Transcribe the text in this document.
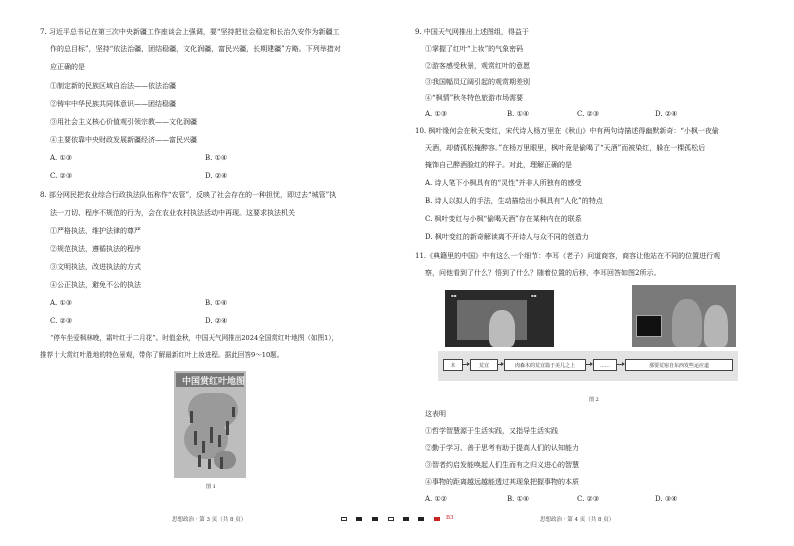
7. 习近平总书记在第三次中央新疆工作座谈会上强调，要“坚持把社会稳定和长治久安作为新疆工
作的总目标”，坚持“依法治疆，团结稳疆，文化润疆，富民兴疆，长期建疆”方略。下列举措对
应正确的是
①制定新的民族区域自治法——依法治疆
②铸牢中华民族共同体意识——团结稳疆
③用社会主义核心价值观引领宗教——文化润疆
④主要依靠中央财政发展新疆经济——富民兴疆
A. ①③	B. ①④
C. ②③	D. ②④
8. 部分网民把农业综合行政执法队伍称作“农管”，反映了社会存在的一种担忧，即过去“城管”执
法一刀切、程序不规范的行为，会在农业农村执法活动中再现。这要求执法机关
①严格执法，维护法律的尊严
②规范执法，遵循执法的程序
③文明执法，改进执法的方式
④公正执法，避免不公的执法
A. ①③	B. ①④
C. ②③	D. ②④
“停车坐爱枫林晚，霜叶红于二月花”。时值金秋，中国天气网推出2024全国赏红叶地图（如图1），
推荐十大赏红叶胜地的特色景观，带你了解最新红叶上妆进程。据此回答9～10题。
中国赏红叶地图
图 1
思想政治 · 第 3 页（共 8 页）	B3
9. 中国天气网推出上述图组，得益于
①掌握了红叶“上妆”的气象密码
②游客感受秋景，观赏红叶的意愿
③我国幅员辽阔引起的观赏期差别
④“枫情”秋冬特色旅游市场需要
A. ①③	B. ①④	C. ②③	D. ②④
10. 枫叶缘何会在秋天变红，宋代诗人杨万里在《秋山》中有两句诗描述得幽默新奇：“小枫一夜偷
天酒，却倩孤松掩醉容。”在杨万里眼里，枫叶竟是偷喝了“天酒”而被染红，躲在一棵孤松后
掩饰自己醉酒脸红的样子。对此，理解正确的是
A. 诗人笔下小枫具有的“灵性”并非人所独有的感受
B. 诗人以拟人的手法，生动描绘出小枫具有“人化”的特点
C. 枫叶变红与小枫“偷喝天酒”存在某种内在的联系
D. 枫叶变红的新奇解读离不开诗人与众不同的创造力
11.《典籍里的中国》中有这么一个细节：李耳（老子）问道商容，商容让他站在不同的位置进行观
察，问他看到了什么？悟到了什么？随着位置的后移，李耳回答如图2所示。
图 2
这表明
①哲学智慧源于生活实践，又指导生活实践
②勤于学习、善于思考有助于提高人们的认知能力
③智者约启发能唤起人们生而有之归义进心的智慧
④事物的距离越远越能透过其现象把握事物的本质
A. ①②	B. ①④	C. ②③	D. ③④
思想政治 · 第 4 页（共 8 页）
▪▪	▪▪
木	荒宜	肉森木的荒宜篇于美儿之上	……	那要荒宿自东西发些运应道
